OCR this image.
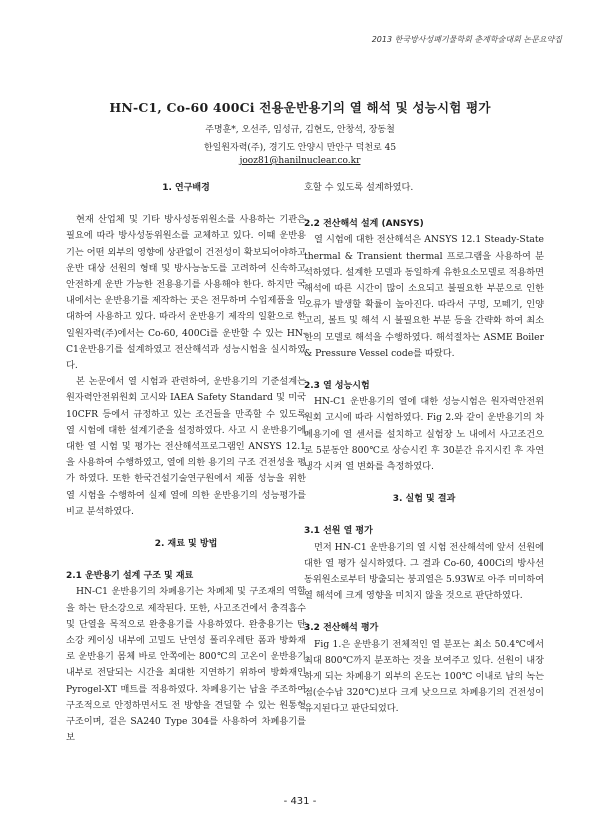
2013 한국방사성폐기물학회 춘계학술대회 논문요약집
HN-C1, Co-60 400Ci 전용운반용기의 열 해석 및 성능시험 평가
주명훈*, 오선주, 임성규, 김현도, 안창석, 장동철
한일원자력(주), 경기도 안양시 만안구 덕천로 45
jooz81@hanilnuclear.co.kr
1. 연구배경

현재 산업체 및 기타 방사성동위원소를 사용하는 기관은 필요에 따라 방사성동위원소를 교체하고 있다. 이때 운반용기는 어떤 외부의 영향에 상관없이 건전성이 확보되어야하고 운반 대상 선원의 형태 및 방사능농도를 고려하여 신속하고 안전하게 운반 가능한 전용용기를 사용해야 한다. 하지만 국내에서는 운반용기를 제작하는 곳은 전무하며 수입제품을 임대하여 사용하고 있다. 따라서 운반용기 제작의 일환으로 한일원자력(주)에서는 Co-60, 400Ci를 운반할 수 있는 HN-C1운반용기를 설계하였고 전산해석과 성능시험을 실시하였다.

본 논문에서 열 시험과 관련하여, 운반용기의 기준설계는 원자력안전위원회 고시와 IAEA Safety Standard 및 미국 10CFR 등에서 규정하고 있는 조건들을 만족할 수 있도록 열 시험에 대한 설계기준을 설정하였다. 사고 시 운반용기에 대한 열 시험 및 평가는 전산해석프로그램인 ANSYS 12.1을 사용하여 수행하였고, 열에 의한 용기의 구조 건전성을 평가 하였다. 또한 한국건설기술연구원에서 제품 성능을 위한 열 시험을 수행하여 실제 열에 의한 운반용기의 성능평가를 비교 분석하였다.

2. 재료 및 방법
2.1 운반용기 설계 구조 및 재료

HN-C1 운반용기의 차폐용기는 차폐체 및 구조재의 역할을 하는 탄소강으로 제작된다. 또한, 사고조건에서 충격흡수 및 단열을 목적으로 완충용기를 사용하였다. 완충용기는 탄소강 케이싱 내부에 고밀도 난연성 폴리우레탄 폼과 방화재로 운반용기 몸체 바로 안쪽에는 800℃의 고온이 운반용기 내부로 전달되는 시간을 최대한 지연하기 위하여 방화재인 Pyrogel-XT 매트를 적용하였다. 차폐용기는 납을 주조하여 구조적으로 안정하면서도 전 방향을 견딜할 수 있는 원통형 구조이며, 겉은 SA240 Type 304를 사용하여 차폐용기를 보

호할 수 있도록 설계하였다.

2.2 전산해석 설계 (ANSYS)

열 시험에 대한 전산해석은 ANSYS 12.1 Steady-State thermal & Transient thermal 프로그램을 사용하여 분석하였다. 설계한 모델과 동일하게 유한요소모델로 적용하면 해석에 따른 시간이 많이 소요되고 불필요한 부분으로 인한 오류가 발생할 확률이 높아진다. 따라서 구멍, 모떼기, 인양고리, 볼트 및 해석 시 불필요한 부분 등을 간략화 하여 최소한의 모델로 해석을 수행하였다. 해석절차는 ASME Boiler & Pressure Vessel code를 따랐다.

2.3 열 성능시험

HN-C1 운반용기의 열에 대한 성능시험은 원자력안전위원회 고시에 따라 시험하였다. Fig 2.와 같이 운반용기의 차폐용기에 열 센서를 설치하고 실험장 노 내에서 사고조건으로 5분동안 800℃로 상승시킨 후 30분간 유지시킨 후 자연냉각 시켜 열 변화를 측정하였다.

3. 실험 및 결과
3.1 선원 열 평가

먼저 HN-C1 운반용기의 열 시험 전산해석에 앞서 선원에 대한 열 평가 실시하였다. 그 결과 Co-60, 400Ci의 방사선 동위원소로부터 방출되는 붕괴열은 5.93W로 아주 미미하여 열 해석에 크게 영향을 미치지 않을 것으로 판단하였다.

3.2 전산해석 평가

Fig 1.은 운반용기 전체적인 열 분포는 최소 50.4℃에서 최대 800℃까지 분포하는 것을 보여주고 있다. 선원이 내장하게 되는 차폐용기 외부의 온도는 100℃ 이내로 납의 녹는점(순수납 320℃)보다 크게 낮으므로 차폐용기의 건전성이 유지된다고 판단되었다.

- 431 -
